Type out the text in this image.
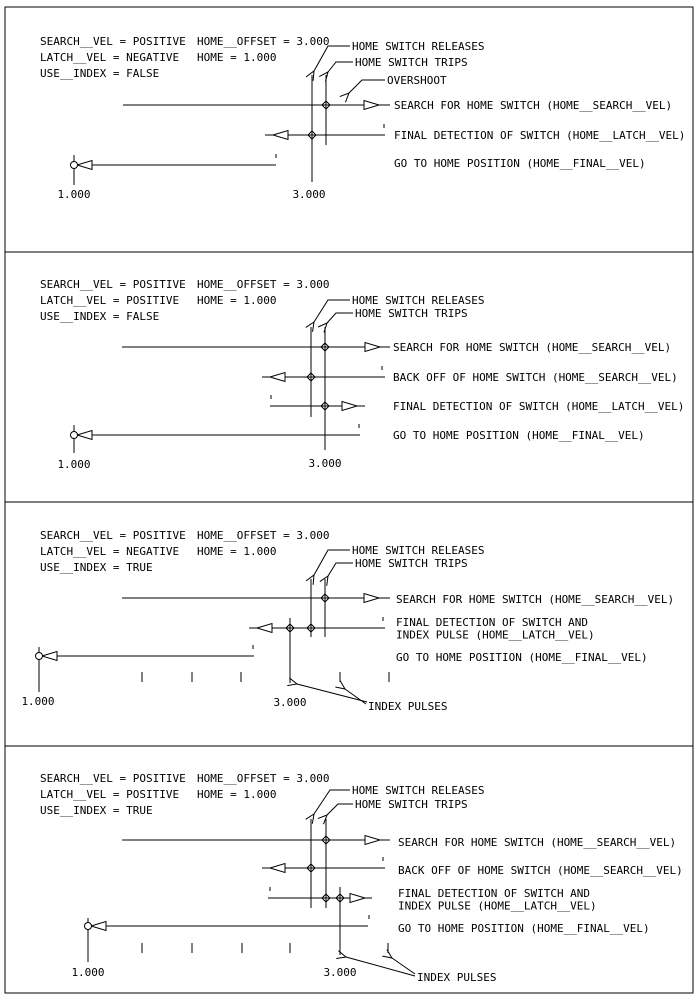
SEARCH__VEL = POSITIVE
LATCH__VEL = NEGATIVE
USE__INDEX = FALSE
HOME__OFFSET = 3.000
HOME = 1.000
SEARCH FOR HOME SWITCH (HOME__SEARCH__VEL)
FINAL DETECTION OF SWITCH (HOME__LATCH__VEL)
GO TO HOME POSITION (HOME__FINAL__VEL)
HOME SWITCH RELEASES
HOME SWITCH TRIPS
OVERSHOOT
1.000	3.000
SEARCH__VEL = POSITIVE
LATCH__VEL = POSITIVE
USE__INDEX = FALSE
HOME__OFFSET = 3.000
HOME = 1.000
SEARCH FOR HOME SWITCH (HOME__SEARCH__VEL)
BACK OFF OF HOME SWITCH (HOME__SEARCH__VEL)
FINAL DETECTION OF SWITCH (HOME__LATCH__VEL)
GO TO HOME POSITION (HOME__FINAL__VEL)
HOME SWITCH RELEASES
HOME SWITCH TRIPS
1.000	3.000
SEARCH__VEL = POSITIVE
LATCH__VEL = NEGATIVE
USE__INDEX = TRUE
HOME__OFFSET = 3.000
HOME = 1.000
SEARCH FOR HOME SWITCH (HOME__SEARCH__VEL)
FINAL DETECTION OF SWITCH AND
INDEX PULSE (HOME__LATCH__VEL)
GO TO HOME POSITION (HOME__FINAL__VEL)
HOME SWITCH RELEASES
HOME SWITCH TRIPS
INDEX PULSES
1.000	3.000
SEARCH__VEL = POSITIVE
LATCH__VEL = POSITIVE
USE__INDEX = TRUE
HOME__OFFSET = 3.000
HOME = 1.000
SEARCH FOR HOME SWITCH (HOME__SEARCH__VEL)
BACK OFF OF HOME SWITCH (HOME__SEARCH__VEL)
FINAL DETECTION OF SWITCH AND
INDEX PULSE (HOME__LATCH__VEL)
GO TO HOME POSITION (HOME__FINAL__VEL)
HOME SWITCH RELEASES
HOME SWITCH TRIPS
INDEX PULSES
1.000	3.000
